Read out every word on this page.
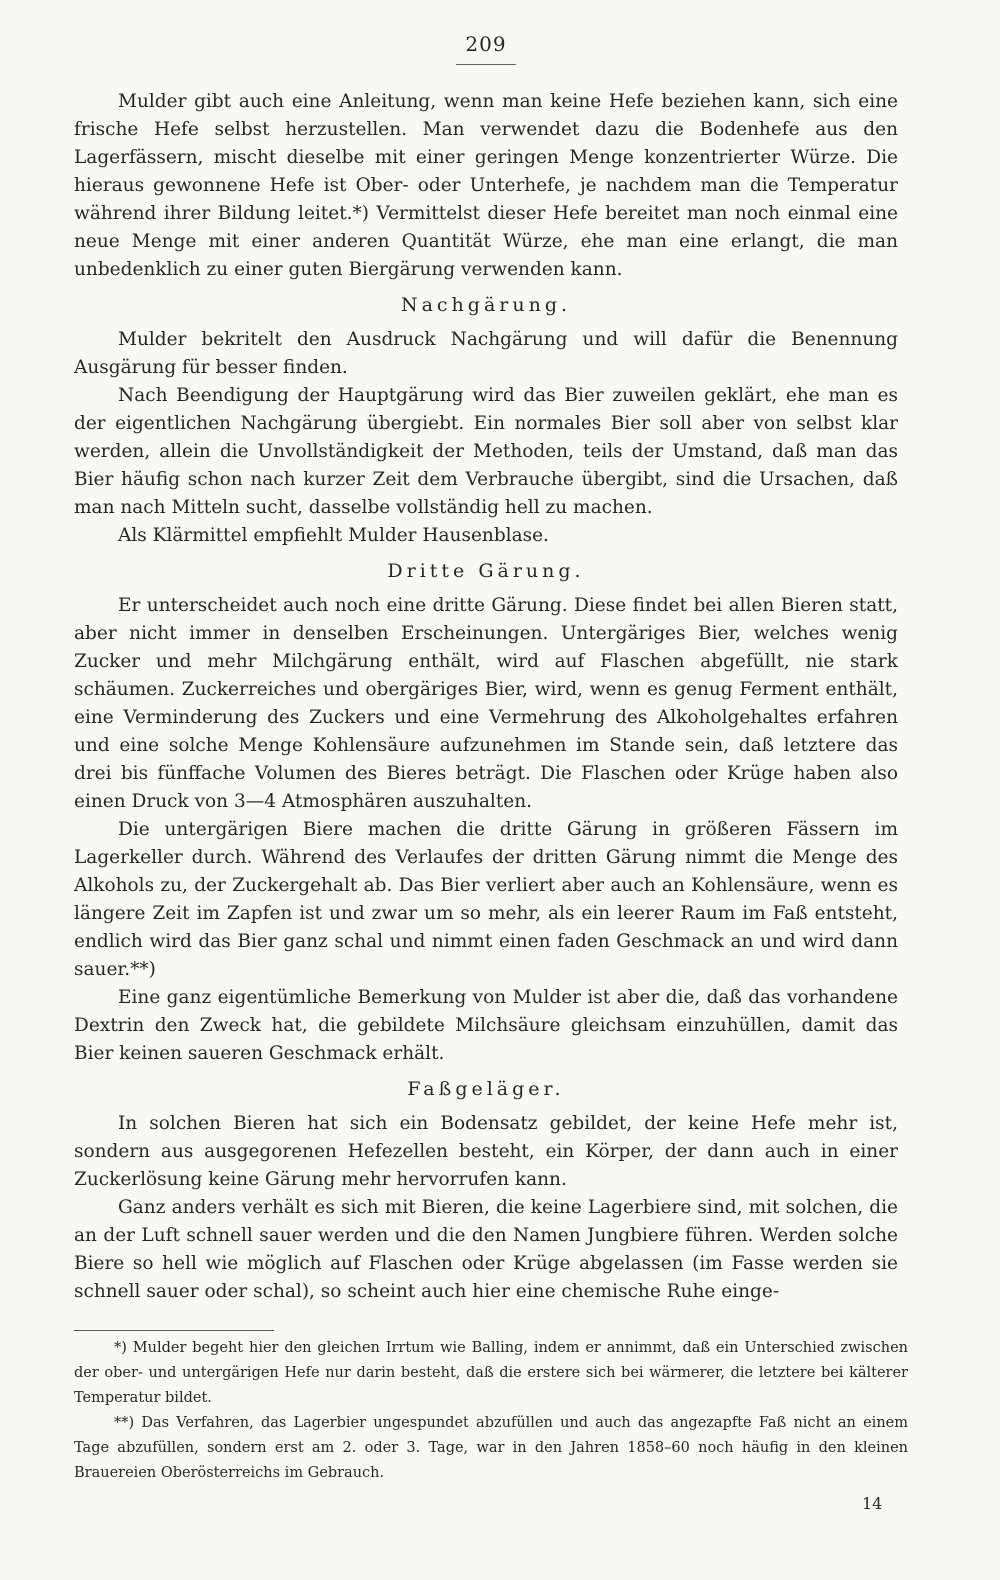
209

Mulder gibt auch eine Anleitung, wenn man keine Hefe beziehen kann, sich eine frische Hefe selbst herzustellen. Man verwendet dazu die Bodenhefe aus den Lagerfässern, mischt dieselbe mit einer geringen Menge konzentrierter Würze. Die hieraus gewonnene Hefe ist Ober- oder Unterhefe, je nachdem man die Temperatur während ihrer Bildung leitet.*) Vermittelst dieser Hefe bereitet man noch einmal eine neue Menge mit einer anderen Quantität Würze, ehe man eine erlangt, die man unbedenklich zu einer guten Biergärung verwenden kann.

Nachgärung.

Mulder bekritelt den Ausdruck Nachgärung und will dafür die Benennung Ausgärung für besser finden.

Nach Beendigung der Hauptgärung wird das Bier zuweilen geklärt, ehe man es der eigentlichen Nachgärung übergiebt. Ein normales Bier soll aber von selbst klar werden, allein die Unvollständigkeit der Methoden, teils der Umstand, daß man das Bier häufig schon nach kurzer Zeit dem Verbrauche übergibt, sind die Ursachen, daß man nach Mitteln sucht, dasselbe vollständig hell zu machen.

Als Klärmittel empfiehlt Mulder Hausenblase.

Dritte Gärung.

Er unterscheidet auch noch eine dritte Gärung. Diese findet bei allen Bieren statt, aber nicht immer in denselben Erscheinungen. Untergäriges Bier, welches wenig Zucker und mehr Milchgärung enthält, wird auf Flaschen abgefüllt, nie stark schäumen. Zuckerreiches und obergäriges Bier, wird, wenn es genug Ferment enthält, eine Verminderung des Zuckers und eine Vermehrung des Alkoholgehaltes erfahren und eine solche Menge Kohlensäure aufzunehmen im Stande sein, daß letztere das drei bis fünffache Volumen des Bieres beträgt. Die Flaschen oder Krüge haben also einen Druck von 3—4 Atmosphären auszuhalten.

Die untergärigen Biere machen die dritte Gärung in größeren Fässern im Lagerkeller durch. Während des Verlaufes der dritten Gärung nimmt die Menge des Alkohols zu, der Zuckergehalt ab. Das Bier verliert aber auch an Kohlensäure, wenn es längere Zeit im Zapfen ist und zwar um so mehr, als ein leerer Raum im Faß entsteht, endlich wird das Bier ganz schal und nimmt einen faden Geschmack an und wird dann sauer.**)

Eine ganz eigentümliche Bemerkung von Mulder ist aber die, daß das vorhandene Dextrin den Zweck hat, die gebildete Milchsäure gleichsam einzuhüllen, damit das Bier keinen saueren Geschmack erhält.

Faßgeläger.

In solchen Bieren hat sich ein Bodensatz gebildet, der keine Hefe mehr ist, sondern aus ausgegorenen Hefezellen besteht, ein Körper, der dann auch in einer Zuckerlösung keine Gärung mehr hervorrufen kann.

Ganz anders verhält es sich mit Bieren, die keine Lagerbiere sind, mit solchen, die an der Luft schnell sauer werden und die den Namen Jungbiere führen. Werden solche Biere so hell wie möglich auf Flaschen oder Krüge abgelassen (im Fasse werden sie schnell sauer oder schal), so scheint auch hier eine chemische Ruhe einge-

*) Mulder begeht hier den gleichen Irrtum wie Balling, indem er annimmt, daß ein Unterschied zwischen der ober- und untergärigen Hefe nur darin besteht, daß die erstere sich bei wärmerer, die letztere bei kälterer Temperatur bildet.

**) Das Verfahren, das Lagerbier ungespundet abzufüllen und auch das angezapfte Faß nicht an einem Tage abzufüllen, sondern erst am 2. oder 3. Tage, war in den Jahren 1858–60 noch häufig in den kleinen Brauereien Oberösterreichs im Gebrauch.

14
